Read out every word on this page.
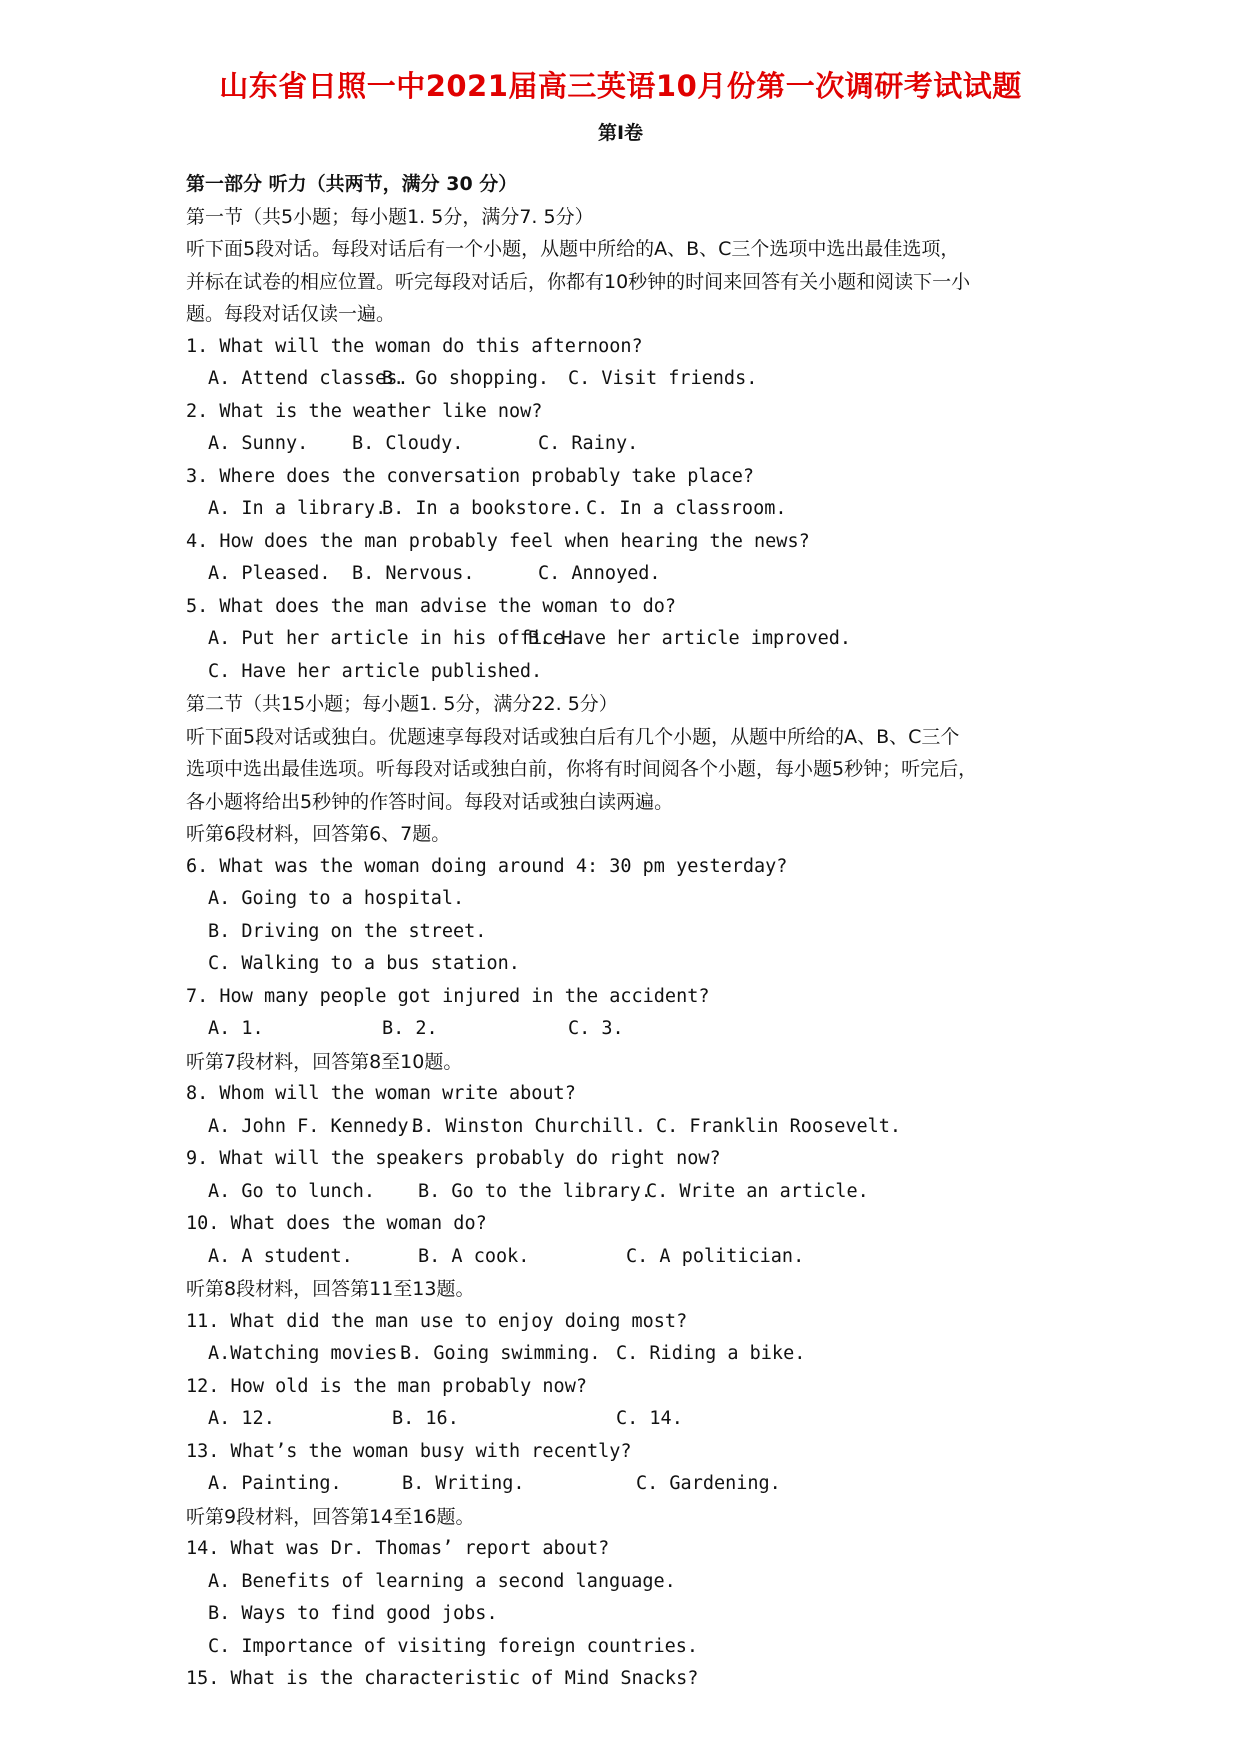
山东省日照一中2021届高三英语10月份第一次调研考试试题
第I卷
第一部分 听力（共两节，满分 30 分）
第一节（共5小题；每小题1. 5分，满分7. 5分）
听下面5段对话。每段对话后有一个小题，从题中所给的A、B、C三个选项中选出最佳选项，
并标在试卷的相应位置。听完每段对话后，你都有10秒钟的时间来回答有关小题和阅读下一小
题。每段对话仅读一遍。
1. What will the woman do this afternoon?
A. Attend classes.
B. Go shopping. C. Visit friends.
2. What is the weather like now?
A. Sunny. B. Cloudy.	C. Rainy.
3. Where does the conversation probably take place?
A. In a library.
B. In a bookstore. C. In a classroom.
4. How does the man probably feel when hearing the news?
A. Pleased. B. Nervous.	C. Annoyed.
5. What does the man advise the woman to do?
A. Put her article in his office.
B. Have her article improved.
C. Have her article published.
第二节（共15小题；每小题1. 5分，满分22. 5分）
听下面5段对话或独白。优题速享每段对话或独白后有几个小题，从题中所给的A、B、C三个
选项中选出最佳选项。听每段对话或独白前，你将有时间阅各个小题，每小题5秒钟；听完后，
各小题将给出5秒钟的作答时间。每段对话或独白读两遍。
听第6段材料，回答第6、7题。
6. What was the woman doing around 4: 30 pm yesterday?
A. Going to a hospital.
B. Driving on the street.
C. Walking to a bus station.
7. How many people got injured in the accident?
A. 1.	B. 2.	C. 3.
听第7段材料，回答第8至10题。
8. Whom will the woman write about?
A. John F. Kennedy.
B. Winston Churchill. C. Franklin Roosevelt.
9. What will the speakers probably do right now?
A. Go to lunch. B. Go to the library.
C. Write an article.
10. What does the woman do?
A. A student.	B. A cook.	C. A politician.
听第8段材料，回答第11至13题。
11. What did the man use to enjoy doing most?
A.Watching movies.
B. Going swimming. C. Riding a bike.
12. How old is the man probably now?
A. 12.	B. 16.	C. 14.
13. What’s the woman busy with recently?
A. Painting.	B. Writing.	C. Gardening.
听第9段材料，回答第14至16题。
14. What was Dr. Thomas’ report about?
A. Benefits of learning a second language.
B. Ways to find good jobs.
C. Importance of visiting foreign countries.
15. What is the characteristic of Mind Snacks?
